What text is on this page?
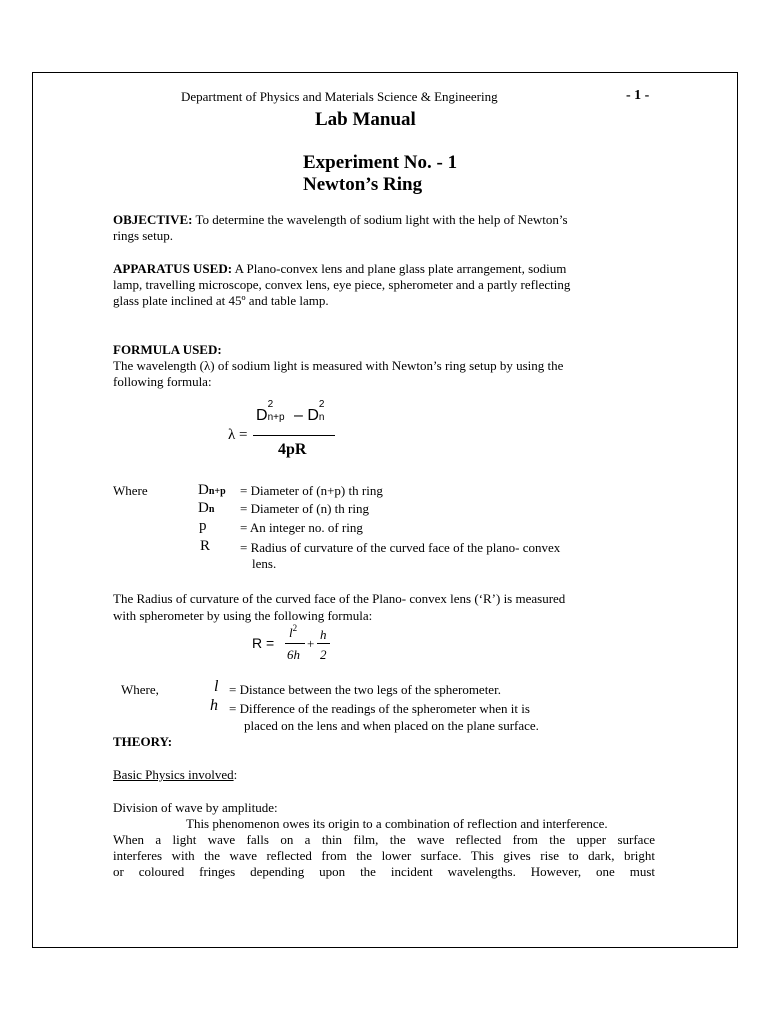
Department of Physics and Materials Science & Engineering	- 1 -
Lab Manual
Experiment No. - 1
Newton’s Ring
OBJECTIVE: To determine the wavelength of sodium light with the help of Newton’s
rings setup.
APPARATUS USED: A Plano-convex lens and plane glass plate arrangement, sodium
lamp, travelling microscope, convex lens, eye piece, spherometer and a partly reflecting
glass plate inclined at 45º and table lamp.
FORMULA USED:
The wavelength (λ) of sodium light is measured with Newton’s ring setup by using the
following formula:
λ =
D
2
n+p – D
2
n
4pR
Where	Dn+p = Diameter of (n+p) th ring
Dn = Diameter of (n) th ring
p	= An integer no. of ring
R = Radius of curvature of the curved face of the plano- convex
lens.
The Radius of curvature of the curved face of the Plano- convex lens (‘R’) is measured
with spherometer by using the following formula:
R =
$l^2$
6h
+
h
2
Where,	l = Distance between the two legs of the spherometer.
h = Difference of the readings of the spherometer when it is
placed on the lens and when placed on the plane surface.
THEORY:
Basic Physics involved:
Division of wave by amplitude:
This phenomenon owes its origin to a combination of reflection and interference.
When a light wave falls on a thin film, the wave reflected from the upper surface
interferes with the wave reflected from the lower surface. This gives rise to dark, bright
or coloured fringes depending upon the incident wavelengths. However, one must
